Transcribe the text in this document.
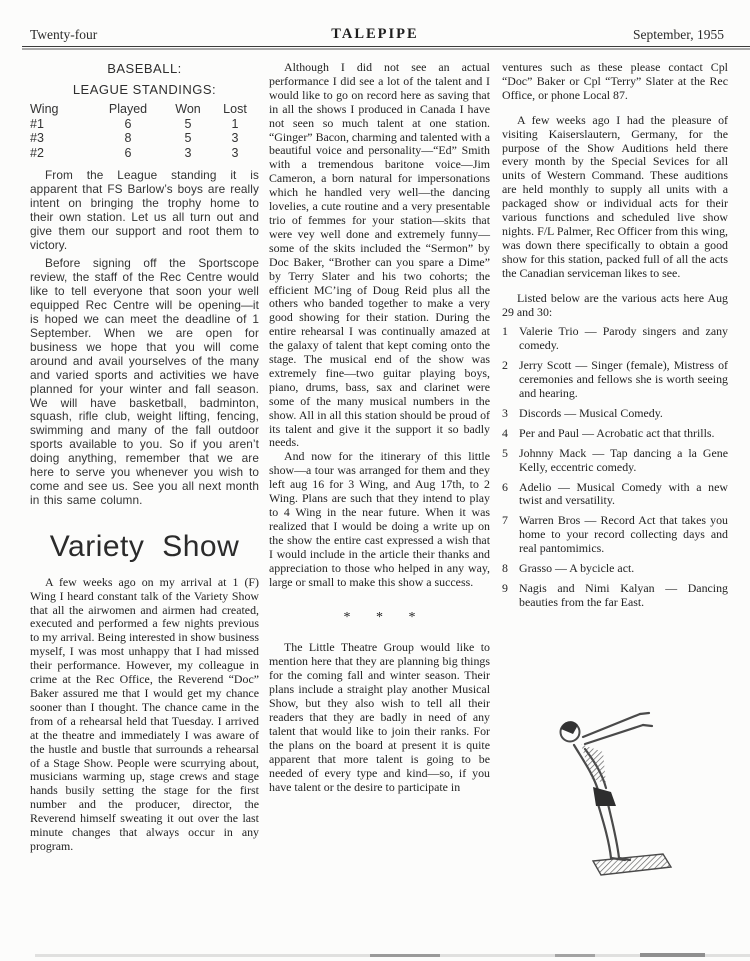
Twenty-four	TALEPIPE	September, 1955
BASEBALL:
LEAGUE STANDINGS:
Wing	Played	Won	Lost
#1	6	5	1
#3	8	5	3
#2	6	3	3

From the League standing it is apparent that FS Barlow’s boys are really intent on bringing the trophy home to their own station. Let us all turn out and give them our support and root them to victory.

Before signing off the Sportscope review, the staff of the Rec Centre would like to tell everyone that soon your well equipped Rec Centre will be opening—it is hoped we can meet the deadline of 1 September. When we are open for business we hope that you will come around and avail yourselves of the many and varied sports and activities we have planned for your winter and fall season. We will have basketball, badminton, squash, rifle club, weight lifting, fencing, swimming and many of the fall outdoor sports available to you. So if you aren’t doing anything, remember that we are here to serve you whenever you wish to come and see us. See you all next month in this same column.

Variety Show

A few weeks ago on my arrival at 1 (F) Wing I heard constant talk of the Variety Show that all the airwomen and airmen had created, executed and performed a few nights previous to my arrival. Being interested in show business myself, I was most unhappy that I had missed their performance. However, my colleague in crime at the Rec Office, the Reverend “Doc” Baker assured me that I would get my chance sooner than I thought. The chance came in the from of a rehearsal held that Tuesday. I arrived at the theatre and immediately I was aware of the hustle and bustle that surrounds a rehearsal of a Stage Show. People were scurrying about, musicians warming up, stage crews and stage hands busily setting the stage for the first number and the producer, director, the Reverend himself sweating it out over the last minute changes that always occur in any program.

Although I did not see an actual performance I did see a lot of the talent and I would like to go on record here as saving that in all the shows I produced in Canada I have not seen so much talent at one station. “Ginger” Bacon, charming and talented with a beautiful voice and personality—“Ed” Smith with a tremendous baritone voice—Jim Cameron, a born natural for impersonations which he handled very well—the dancing lovelies, a cute routine and a very presentable trio of femmes for your station—skits that were vey well done and extremely funny—some of the skits included the “Sermon” by Doc Baker, “Brother can you spare a Dime” by Terry Slater and his two cohorts; the efficient MC’ing of Doug Reid plus all the others who banded together to make a very good showing for their station. During the entire rehearsal I was continually amazed at the galaxy of talent that kept coming onto the stage. The musical end of the show was extremely fine—two guitar playing boys, piano, drums, bass, sax and clarinet were some of the many musical numbers in the show. All in all this station should be proud of its talent and give it the support it so badly needs.

And now for the itinerary of this little show—a tour was arranged for them and they left aug 16 for 3 Wing, and Aug 17th, to 2 Wing. Plans are such that they intend to play to 4 Wing in the near future. When it was realized that I would be doing a write up on the show the entire cast expressed a wish that I would include in the article their thanks and appreciation to those who helped in any way, large or small to make this show a success.

* * *

The Little Theatre Group would like to mention here that they are planning big things for the coming fall and winter season. Their plans include a straight play another Musical Show, but they also wish to tell all their readers that they are badly in need of any talent that would like to join their ranks. For the plans on the board at present it is quite apparent that more talent is going to be needed of every type and kind—so, if you have talent or the desire to participate in

ventures such as these please contact Cpl “Doc” Baker or Cpl “Terry” Slater at the Rec Office, or phone Local 87.

A few weeks ago I had the pleasure of visiting Kaiserslautern, Germany, for the purpose of the Show Auditions held there every month by the Special Sevices for all units of Western Command. These auditions are held monthly to supply all units with a packaged show or individual acts for their various functions and scheduled live show nights. F/L Palmer, Rec Officer from this wing, was down there specifically to obtain a good show for this station, packed full of all the acts the Canadian serviceman likes to see.

Listed below are the various acts here Aug 29 and 30:

1 Valerie Trio — Parody singers and zany comedy.
2 Jerry Scott — Singer (female), Mistress of ceremonies and fellows she is worth seeing and hearing.
3 Discords — Musical Comedy.
4 Per and Paul — Acrobatic act that thrills.
5 Johnny Mack — Tap dancing a la Gene Kelly, eccentric comedy.
6 Adelio — Musical Comedy with a new twist and versatility.
7 Warren Bros — Record Act that takes you home to your record collecting days and real pantomimics.
8 Grasso — A bycicle act.
9 Nagis and Nimi Kalyan — Dancing beauties from the far East.
